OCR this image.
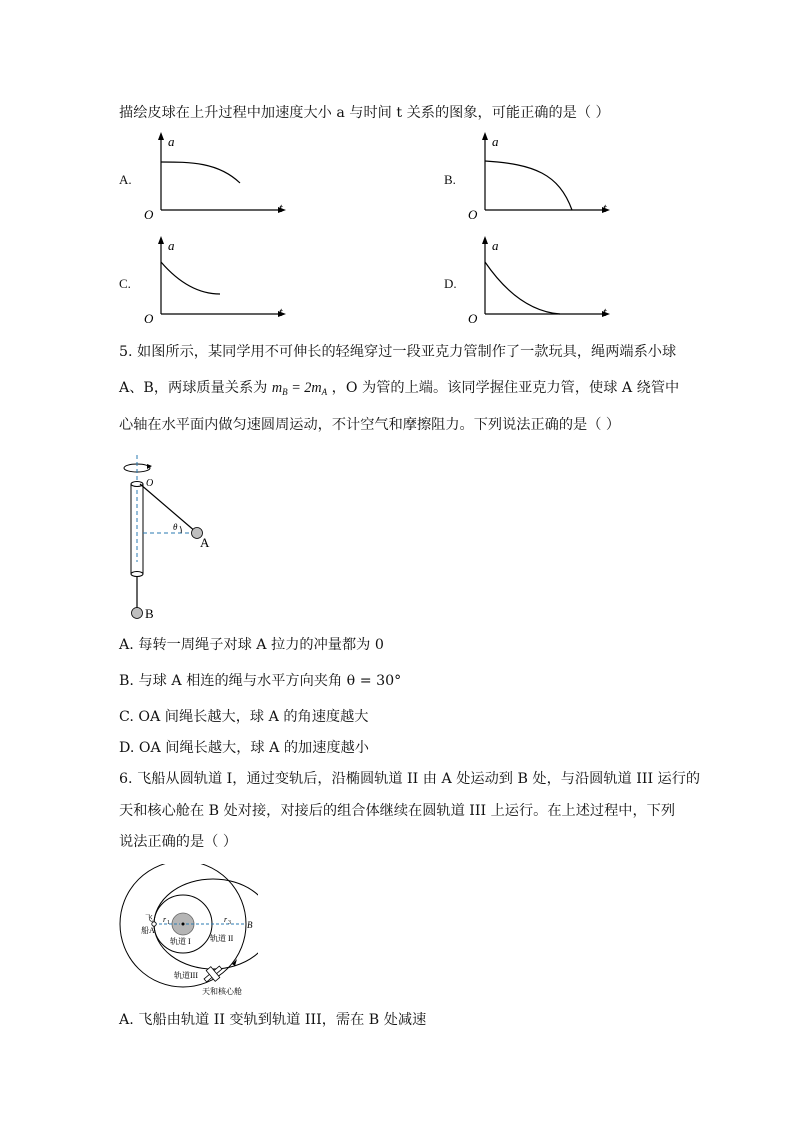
描绘皮球在上升过程中加速度大小 a 与时间 t 关系的图象，可能正确的是（ ）
A.
a
O	t
B.
a
O	t
C.
a
O	t
D.
a
O	t
5. 如图所示，某同学用不可伸长的轻绳穿过一段亚克力管制作了一款玩具，绳两端系小球
A、B，两球质量关系为 $m_B = 2m_A$ ，O 为管的上端。该同学握住亚克力管，使球 A 绕管中
心轴在水平面内做匀速圆周运动，不计空气和摩擦阻力。下列说法正确的是（ ）
O
θ
A
B
A. 每转一周绳子对球 A 拉力的冲量都为 0
B. 与球 A 相连的绳与水平方向夹角 θ = 30°
C. OA 间绳长越大，球 A 的角速度越大
D. OA 间绳长越大，球 A 的加速度越小
6. 飞船从圆轨道 I，通过变轨后，沿椭圆轨道 II 由 A 处运动到 B 处，与沿圆轨道 III 运行的
天和核心舱在 B 处对接，对接后的组合体继续在圆轨道 III 上运行。在上述过程中，下列
说法正确的是（ ）
飞
船A
r 1	r 3 B
轨道 I 轨道 II
轨道III
天和核心舱
A. 飞船由轨道 II 变轨到轨道 III，需在 B 处减速
